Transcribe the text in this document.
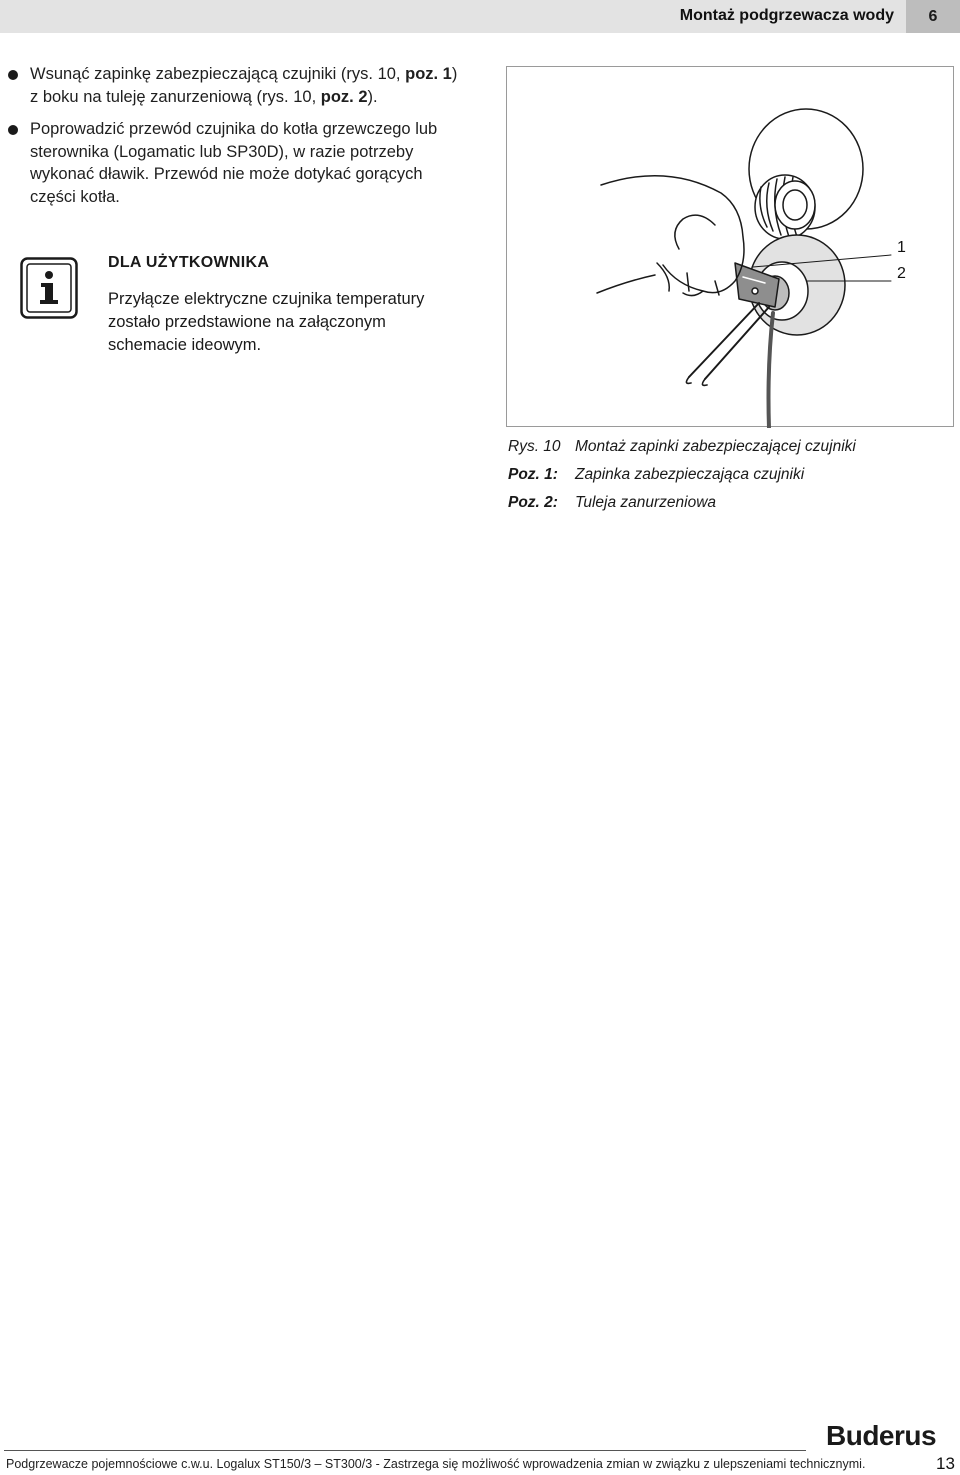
Montaż podgrzewacza wody	6
Wsunąć zapinkę zabezpieczającą czujniki (rys. 10, poz. 1) z boku na tuleję zanurzeniową (rys. 10, poz. 2).
Poprowadzić przewód czujnika do kotła grzewczego lub sterownika (Logamatic lub SP30D), w razie potrzeby wykonać dławik. Przewód nie może dotykać gorących części kotła.
DLA UŻYTKOWNIKA
Przyłącze elektryczne czujnika temperatury zostało przedstawione na załączonym schemacie ideowym.
1
2
Rys. 10 Montaż zapinki zabezpieczającej czujniki
Poz. 1:	Zapinka zabezpieczająca czujniki
Poz. 2:	Tuleja zanurzeniowa
Buderus
Podgrzewacze pojemnościowe c.w.u. Logalux ST150/3 – ST300/3 - Zastrzega się możliwość wprowadzenia zmian w związku z ulepszeniami technicznymi.	13
